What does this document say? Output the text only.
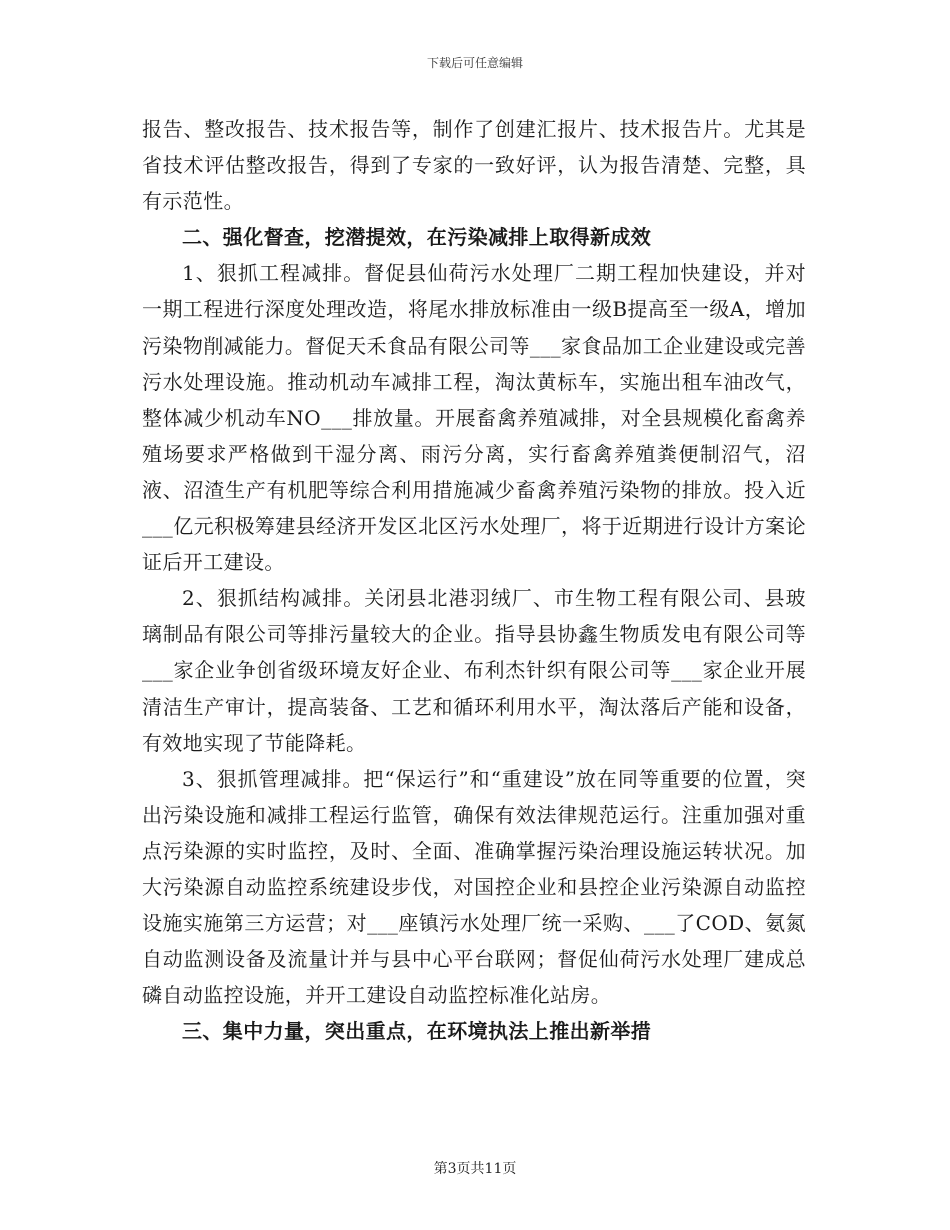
下载后可任意编辑

报告、整改报告、技术报告等，制作了创建汇报片、技术报告片。尤其是省技术评估整改报告，得到了专家的一致好评，认为报告清楚、完整，具有示范性。

二、强化督查，挖潜提效，在污染减排上取得新成效

1、狠抓工程减排。督促县仙荷污水处理厂二期工程加快建设，并对一期工程进行深度处理改造，将尾水排放标准由一级B提高至一级A，增加污染物削减能力。督促天禾食品有限公司等___家食品加工企业建设或完善污水处理设施。推动机动车减排工程，淘汰黄标车，实施出租车油改气，整体减少机动车NO___排放量。开展畜禽养殖减排，对全县规模化畜禽养殖场要求严格做到干湿分离、雨污分离，实行畜禽养殖粪便制沼气，沼液、沼渣生产有机肥等综合利用措施减少畜禽养殖污染物的排放。投入近___亿元积极筹建县经济开发区北区污水处理厂，将于近期进行设计方案论证后开工建设。

2、狠抓结构减排。关闭县北港羽绒厂、市生物工程有限公司、县玻璃制品有限公司等排污量较大的企业。指导县协鑫生物质发电有限公司等___家企业争创省级环境友好企业、布利杰针织有限公司等___家企业开展清洁生产审计，提高装备、工艺和循环利用水平，淘汰落后产能和设备，有效地实现了节能降耗。

3、狠抓管理减排。把“保运行”和“重建设”放在同等重要的位置，突出污染设施和减排工程运行监管，确保有效法律规范运行。注重加强对重点污染源的实时监控，及时、全面、准确掌握污染治理设施运转状况。加大污染源自动监控系统建设步伐，对国控企业和县控企业污染源自动监控设施实施第三方运营；对___座镇污水处理厂统一采购、___了COD、氨氮自动监测设备及流量计并与县中心平台联网；督促仙荷污水处理厂建成总磷自动监控设施，并开工建设自动监控标准化站房。

三、集中力量，突出重点，在环境执法上推出新举措

第3页共11页
